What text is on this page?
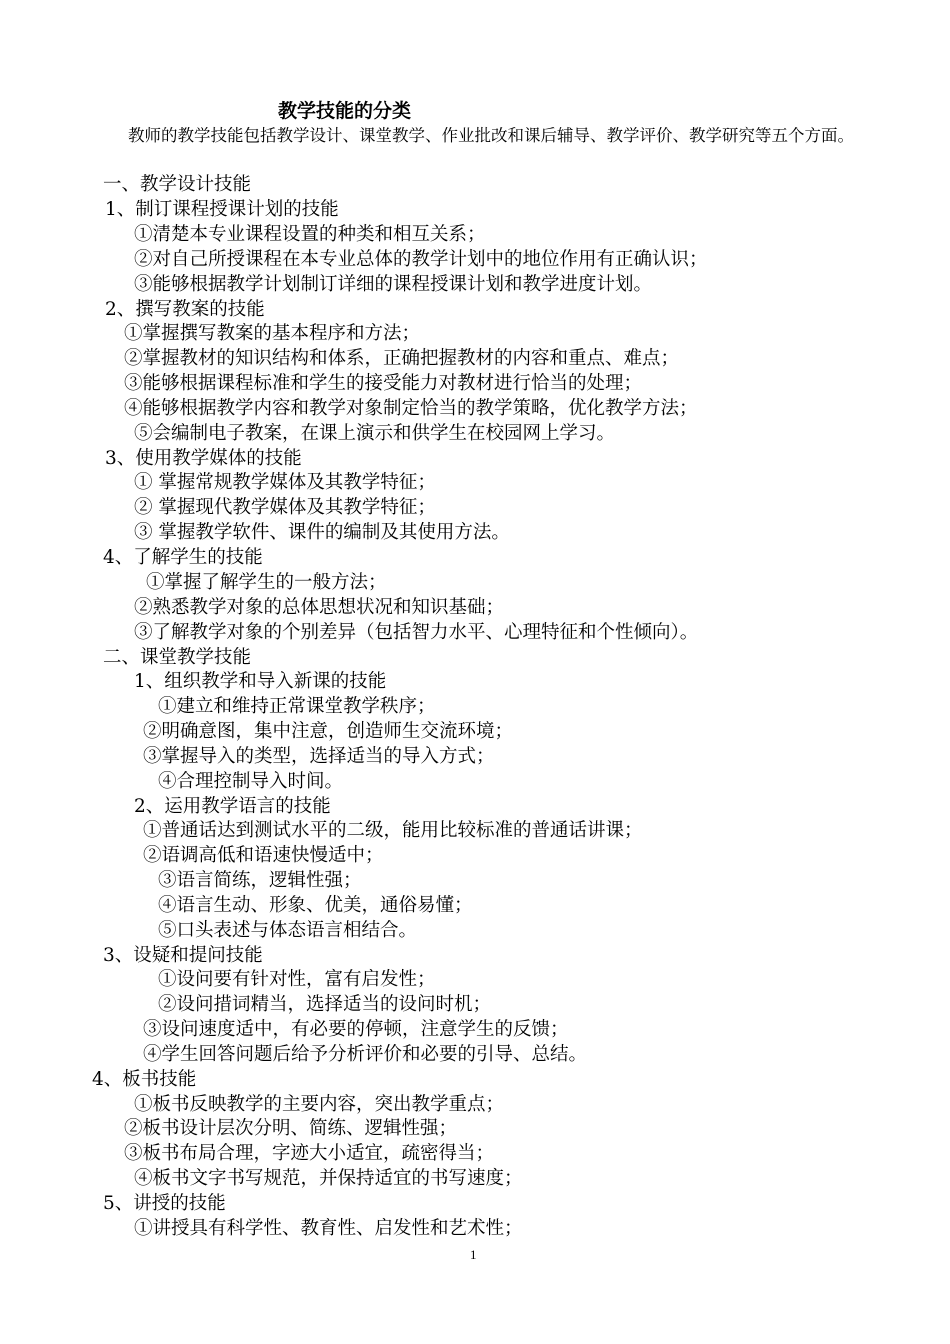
教学技能的分类
教师的教学技能包括教学设计、课堂教学、作业批改和课后辅导、教学评价、教学研究等五个方面。
一、教学设计技能
1、制订课程授课计划的技能
①清楚本专业课程设置的种类和相互关系；
②对自己所授课程在本专业总体的教学计划中的地位作用有正确认识；
③能够根据教学计划制订详细的课程授课计划和教学进度计划。
2、撰写教案的技能
①掌握撰写教案的基本程序和方法；
②掌握教材的知识结构和体系，正确把握教材的内容和重点、难点；
③能够根据课程标准和学生的接受能力对教材进行恰当的处理；
④能够根据教学内容和教学对象制定恰当的教学策略，优化教学方法；
⑤会编制电子教案，在课上演示和供学生在校园网上学习。
3、使用教学媒体的技能
① 掌握常规教学媒体及其教学特征；
② 掌握现代教学媒体及其教学特征；
③ 掌握教学软件、课件的编制及其使用方法。
4、了解学生的技能
①掌握了解学生的一般方法；
②熟悉教学对象的总体思想状况和知识基础；
③了解教学对象的个别差异（包括智力水平、心理特征和个性倾向）。
二、课堂教学技能
1、组织教学和导入新课的技能
①建立和维持正常课堂教学秩序；
②明确意图，集中注意，创造师生交流环境；
③掌握导入的类型，选择适当的导入方式；
④合理控制导入时间。
2、运用教学语言的技能
①普通话达到测试水平的二级，能用比较标准的普通话讲课；
②语调高低和语速快慢适中；
③语言简练，逻辑性强；
④语言生动、形象、优美，通俗易懂；
⑤口头表述与体态语言相结合。
3、设疑和提问技能
①设问要有针对性，富有启发性；
②设问措词精当，选择适当的设问时机；
③设问速度适中，有必要的停顿，注意学生的反馈；
④学生回答问题后给予分析评价和必要的引导、总结。
4、板书技能
①板书反映教学的主要内容，突出教学重点；
②板书设计层次分明、简练、逻辑性强；
③板书布局合理，字迹大小适宜，疏密得当；
④板书文字书写规范，并保持适宜的书写速度；
5、讲授的技能
①讲授具有科学性、教育性、启发性和艺术性；
1
